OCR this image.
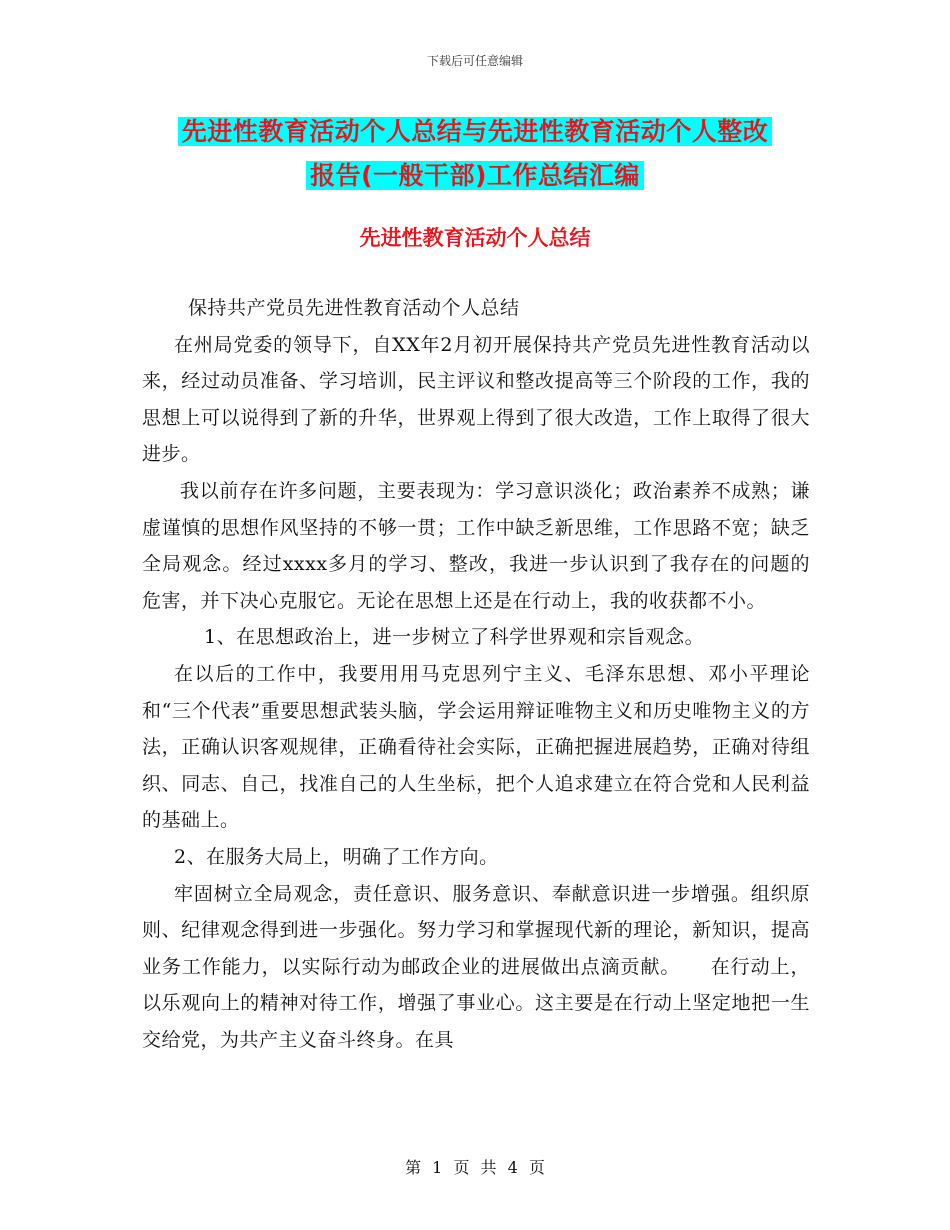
下载后可任意编辑
先进性教育活动个人总结与先进性教育活动个人整改
报告(一般干部)工作总结汇编
先进性教育活动个人总结

保持共产党员先进性教育活动个人总结

在州局党委的领导下，自XX年2月初开展保持共产党员先进性教育活动以来，经过动员准备、学习培训，民主评议和整改提高等三个阶段的工作，我的思想上可以说得到了新的升华，世界观上得到了很大改造，工作上取得了很大进步。

我以前存在许多问题，主要表现为：学习意识淡化；政治素养不成熟；谦虚谨慎的思想作风坚持的不够一贯；工作中缺乏新思维，工作思路不宽；缺乏全局观念。经过xxxx多月的学习、整改，我进一步认识到了我存在的问题的危害，并下决心克服它。无论在思想上还是在行动上，我的收获都不小。

1、在思想政治上，进一步树立了科学世界观和宗旨观念。

在以后的工作中，我要用用马克思列宁主义、毛泽东思想、邓小平理论和“三个代表”重要思想武装头脑，学会运用辩证唯物主义和历史唯物主义的方法，正确认识客观规律，正确看待社会实际，正确把握进展趋势，正确对待组织、同志、自己，找准自己的人生坐标，把个人追求建立在符合党和人民利益的基础上。

2、在服务大局上，明确了工作方向。

牢固树立全局观念，责任意识、服务意识、奉献意识进一步增强。组织原则、纪律观念得到进一步强化。努力学习和掌握现代新的理论，新知识，提高业务工作能力，以实际行动为邮政企业的进展做出点滴贡献。　　在行动上，以乐观向上的精神对待工作，增强了事业心。这主要是在行动上坚定地把一生交给党，为共产主义奋斗终身。在具

第 1 页 共 4 页
